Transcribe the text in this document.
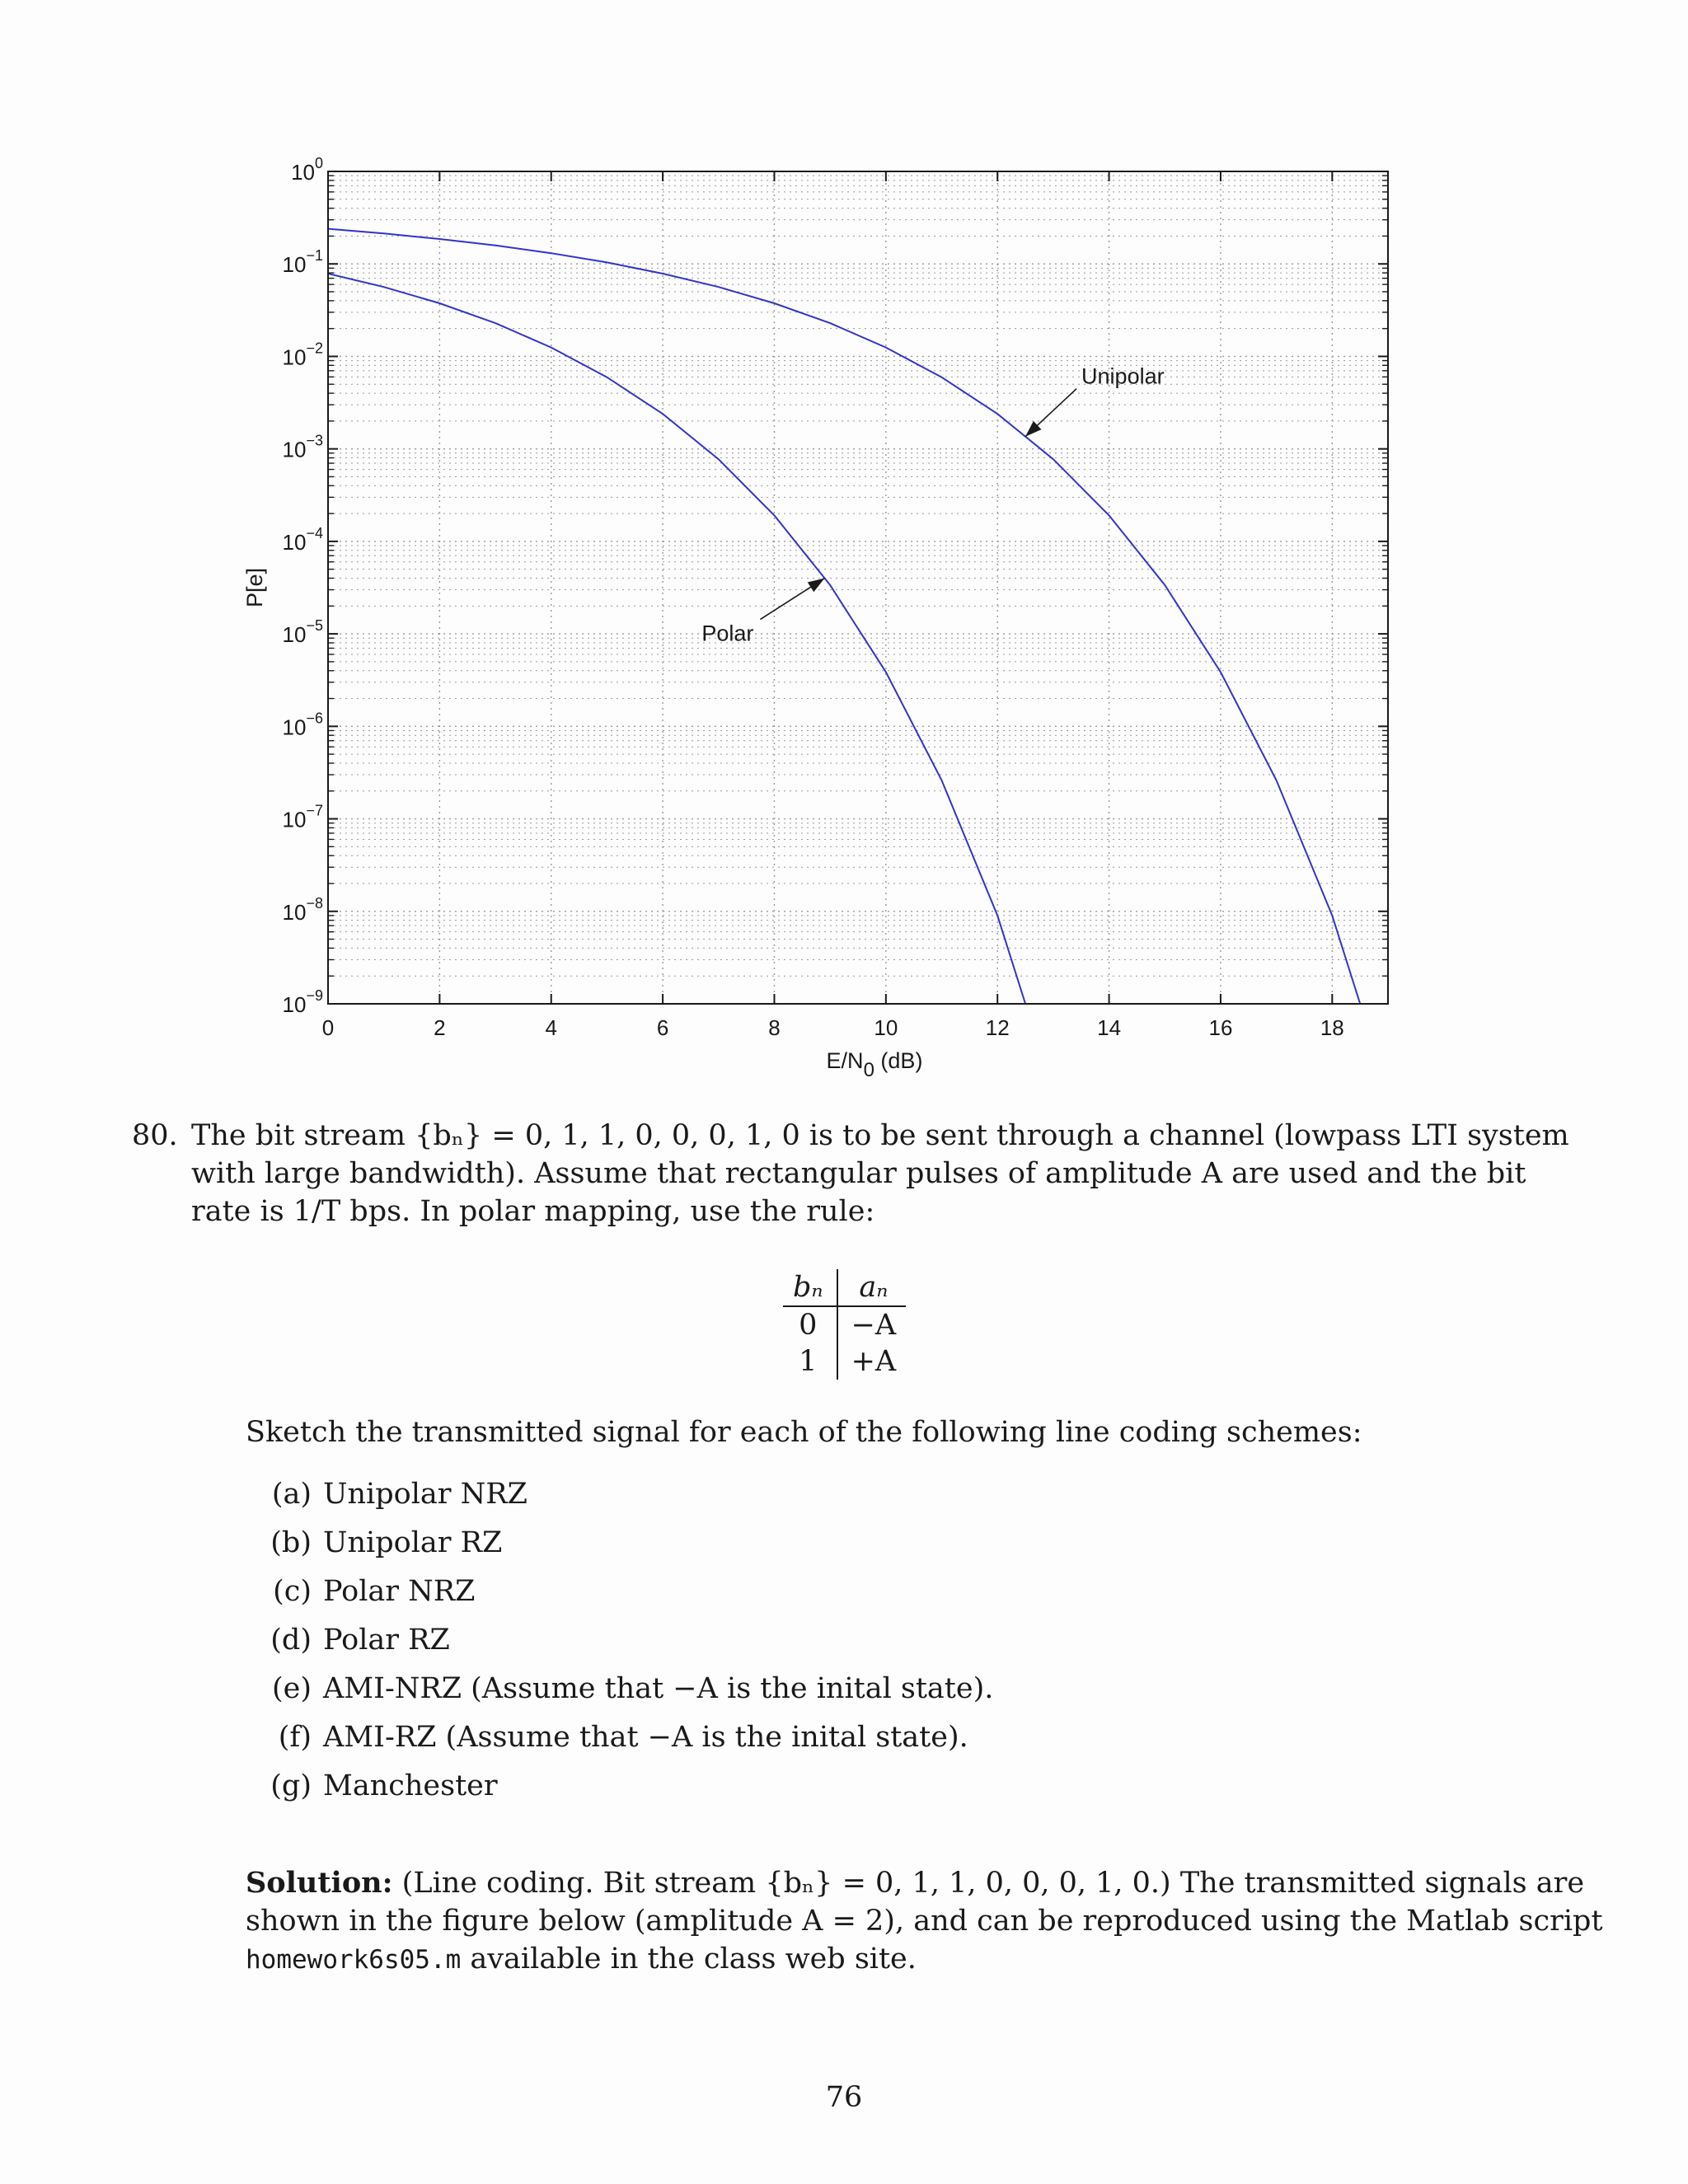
0	2	4	6	8	10	12	14	16	18
$10^0$
$10^{-1}$
$10^{-2}$
$10^{-3}$
$10^{-4}$
$10^{-5}$
$10^{-6}$
$10^{-7}$
$10^{-8}$
$10^{-9}$
E/N0 (dB)
P[e]
Unipolar
Polar
80. The bit stream {bₙ} = 0, 1, 1, 0, 0, 0, 1, 0 is to be sent through a channel (lowpass LTI system
with large bandwidth). Assume that rectangular pulses of amplitude A are used and the bit
rate is 1/T bps. In polar mapping, use the rule:
bₙ	aₙ
0	−A
1	+A
Sketch the transmitted signal for each of the following line coding schemes:
(a) Unipolar NRZ
(b) Unipolar RZ
(c) Polar NRZ
(d) Polar RZ
(e) AMI-NRZ (Assume that −A is the inital state).
(f) AMI-RZ (Assume that −A is the inital state).
(g) Manchester
Solution: (Line coding. Bit stream {bₙ} = 0, 1, 1, 0, 0, 0, 1, 0.) The transmitted signals are
shown in the figure below (amplitude A = 2), and can be reproduced using the Matlab script
homework6s05.m available in the class web site.
76
